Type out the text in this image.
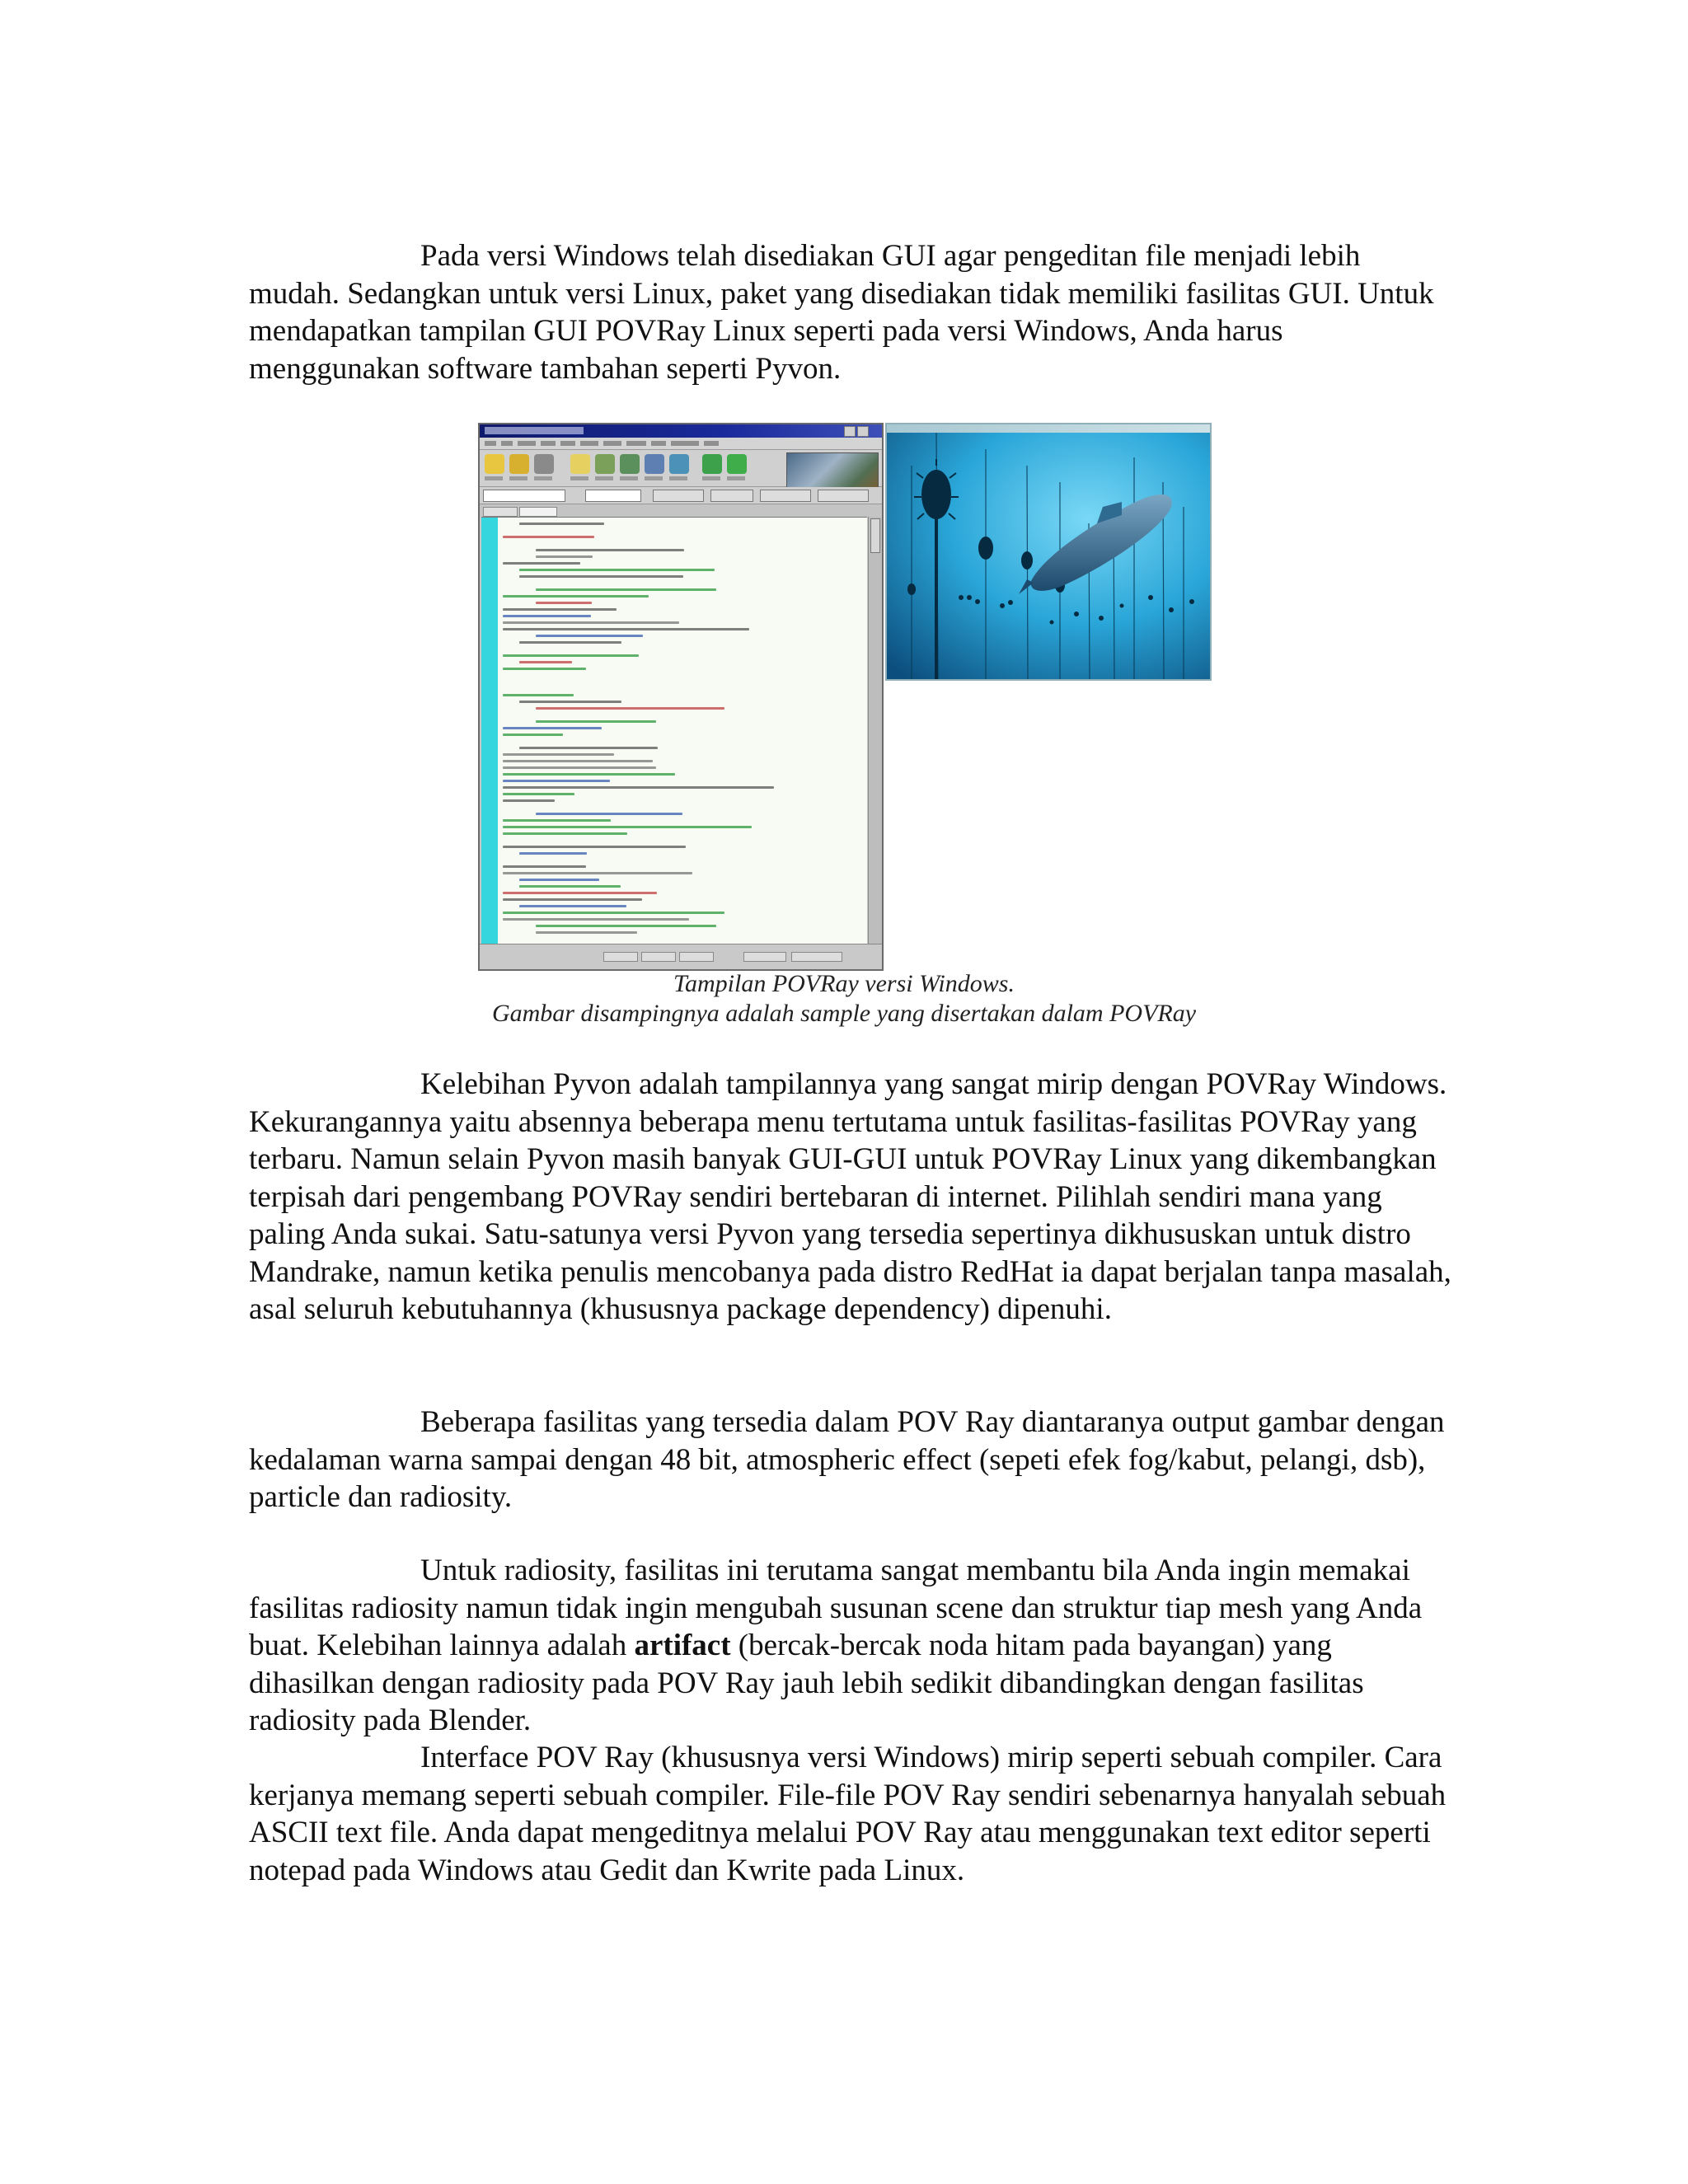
Pada versi Windows telah disediakan GUI agar pengeditan file menjadi lebih mudah. Sedangkan untuk versi Linux, paket yang disediakan tidak memiliki fasilitas GUI. Untuk mendapatkan tampilan GUI POVRay Linux seperti pada versi Windows, Anda harus menggunakan software tambahan seperti Pyvon.

Tampilan POVRay versi Windows.

Gambar disampingnya adalah sample yang disertakan dalam POVRay

Kelebihan Pyvon adalah tampilannya yang sangat mirip dengan POVRay Windows. Kekurangannya yaitu absennya beberapa menu tertutama untuk fasilitas-fasilitas POVRay yang terbaru. Namun selain Pyvon masih banyak GUI-GUI untuk POVRay Linux yang dikembangkan terpisah dari pengembang POVRay sendiri bertebaran di internet. Pilihlah sendiri mana yang paling Anda sukai. Satu-satunya versi Pyvon yang tersedia sepertinya dikhususkan untuk distro Mandrake, namun ketika penulis mencobanya pada distro RedHat ia dapat berjalan tanpa masalah, asal seluruh kebutuhannya (khususnya package dependency) dipenuhi.

Beberapa fasilitas yang tersedia dalam POV Ray diantaranya output gambar dengan kedalaman warna sampai dengan 48 bit, atmospheric effect (sepeti efek fog/kabut, pelangi, dsb), particle dan radiosity.

Untuk radiosity, fasilitas ini terutama sangat membantu bila Anda ingin memakai fasilitas radiosity namun tidak ingin mengubah susunan scene dan struktur tiap mesh yang Anda buat. Kelebihan lainnya adalah artifact (bercak-bercak noda hitam pada bayangan) yang dihasilkan dengan radiosity pada POV Ray jauh lebih sedikit dibandingkan dengan fasilitas radiosity pada Blender.

Interface POV Ray (khususnya versi Windows) mirip seperti sebuah compiler. Cara kerjanya memang seperti sebuah compiler. File-file POV Ray sendiri sebenarnya hanyalah sebuah ASCII text file. Anda dapat mengeditnya melalui POV Ray atau menggunakan text editor seperti notepad pada Windows atau Gedit dan Kwrite pada Linux.
